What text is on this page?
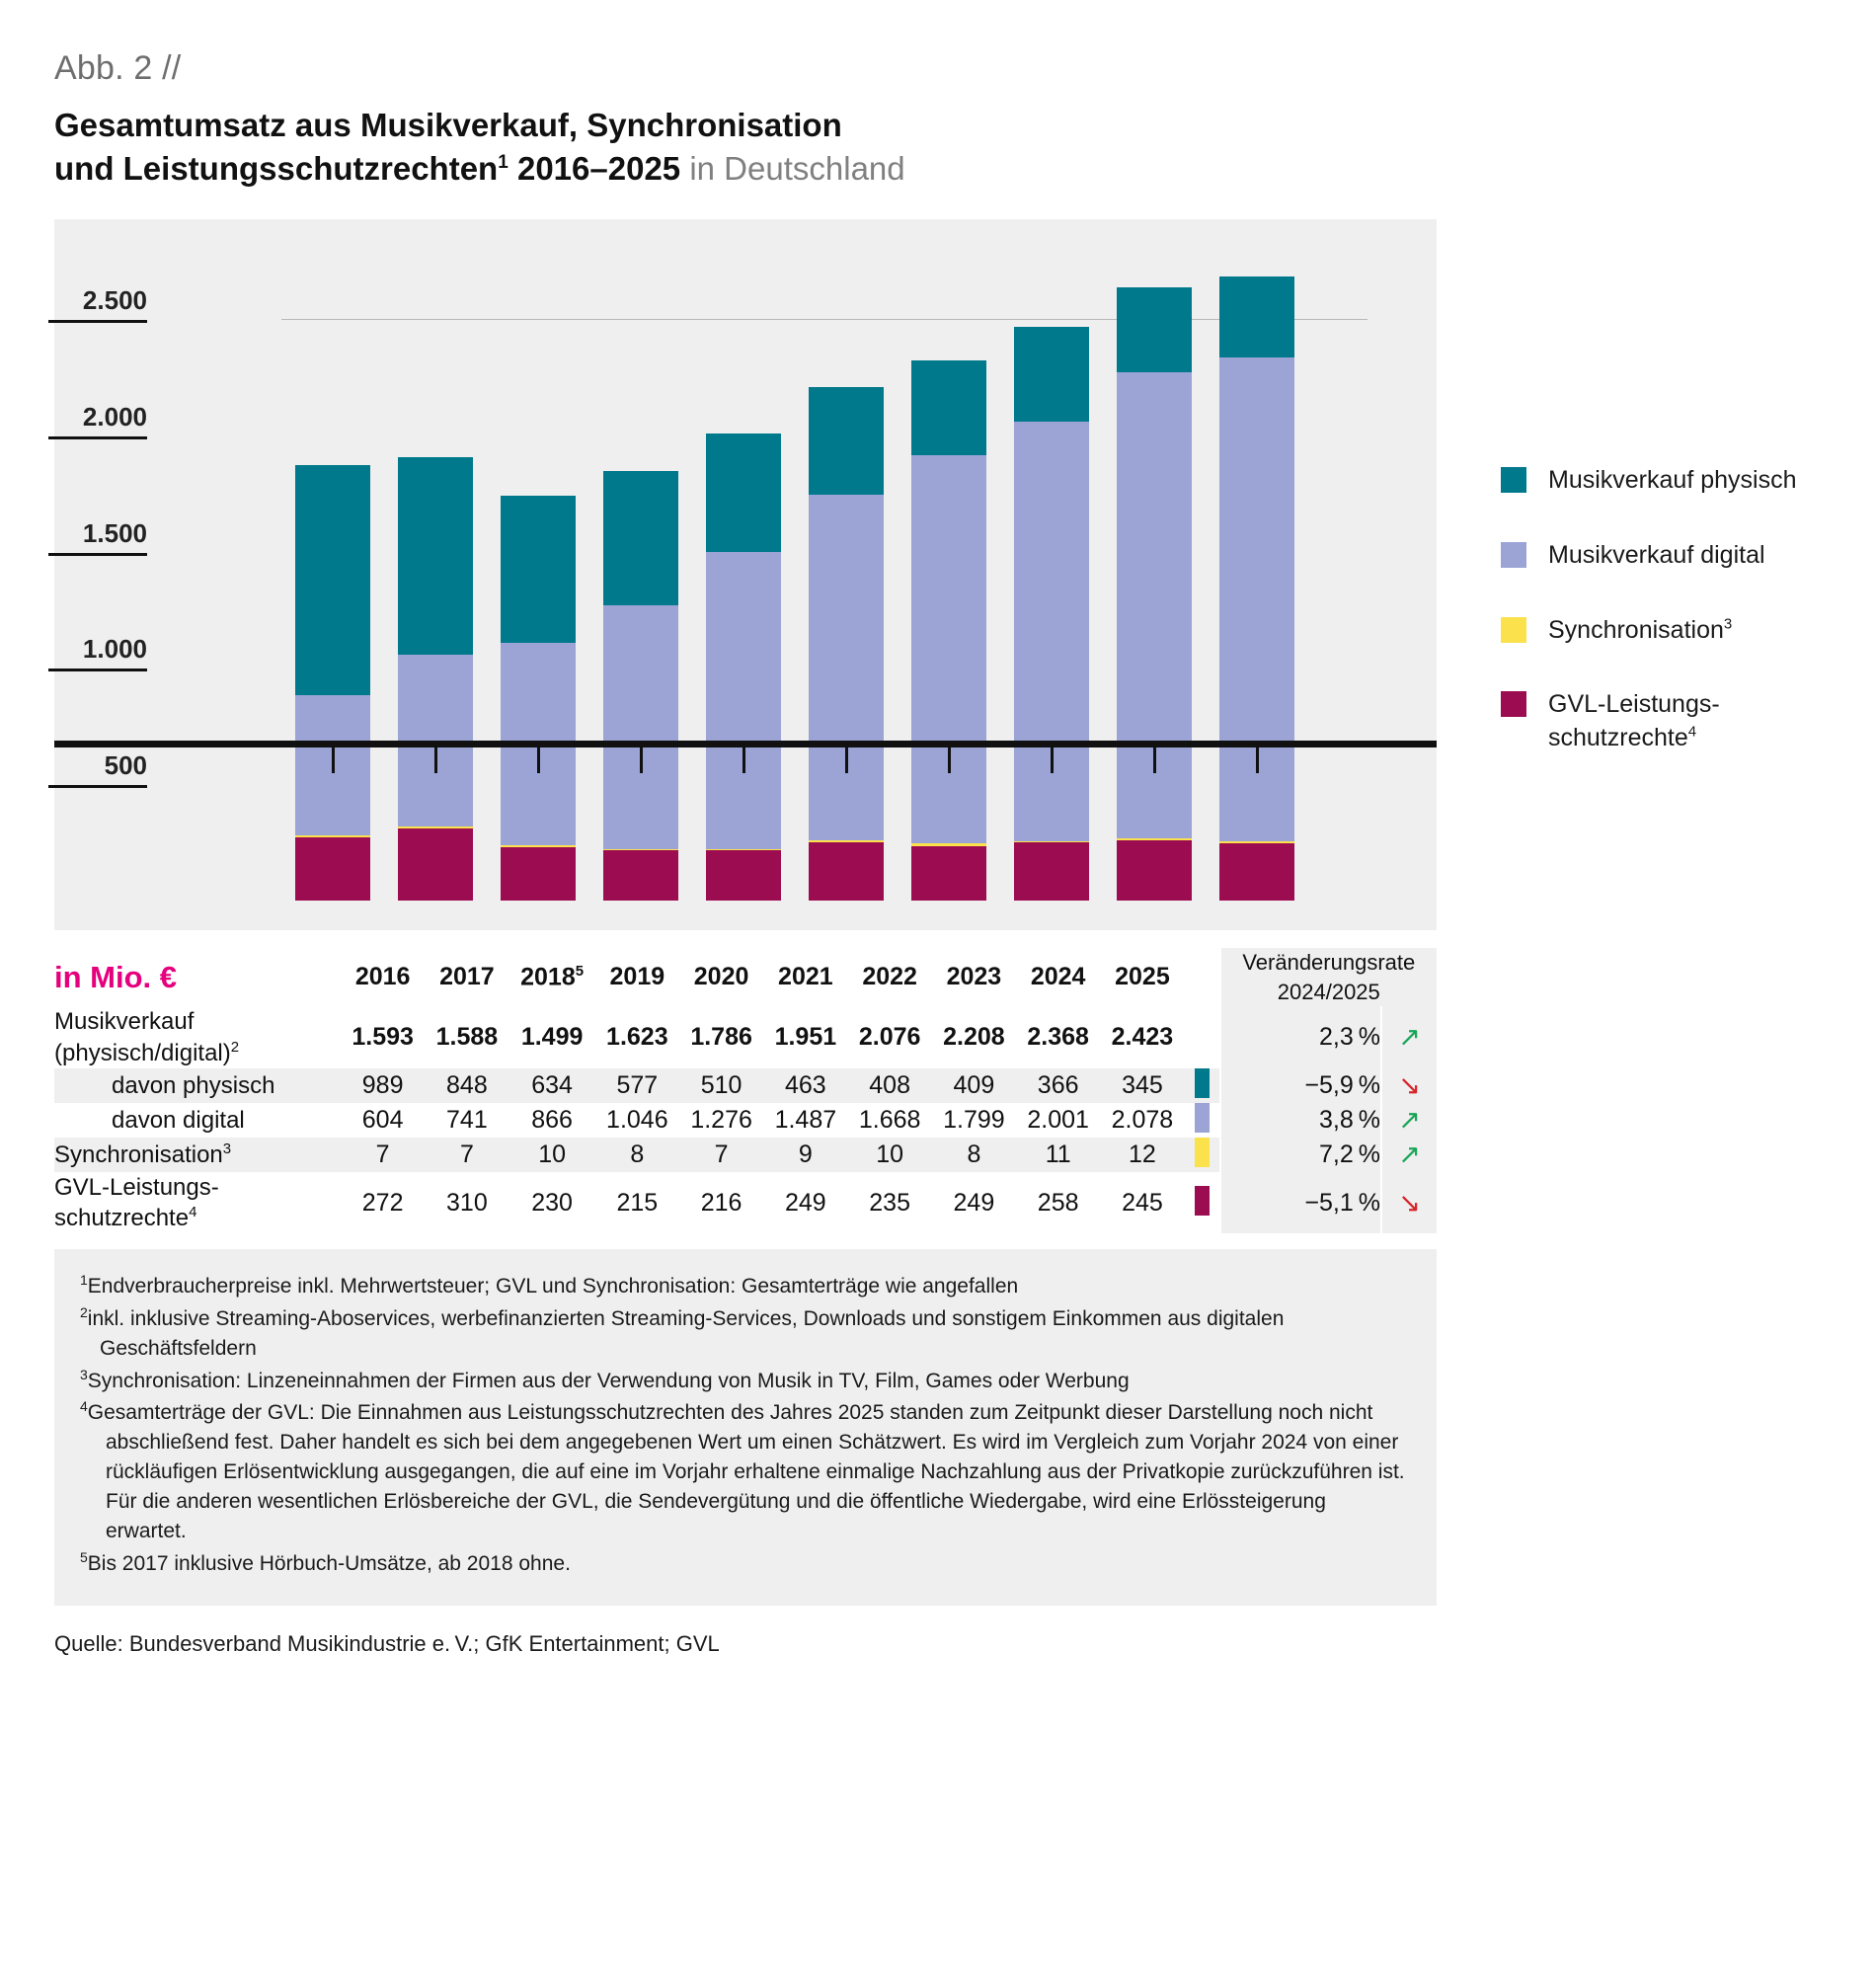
Abb. 2 //
Gesamtumsatz aus Musikverkauf, Synchronisation
und Leistungsschutzrechten$^1$ 2016–2025 in Deutschland
500
1.000
1.500
2.000
2.500
Musikverkauf physisch
Musikverkauf digital
Synchronisation$^3$
GVL-Leistungs-
schutzrechte$^4$
in Mio. €	2016	2017	2018$^5$	2019	2020	2021	2022	2023	2024	2025		Veränderungsrate
2024/2025	
Musikverkauf
(physisch/digital)$^2$	1.593	1.588	1.499	1.623	1.786	1.951	2.076	2.208	2.368	2.423		2,3 %	↗
davon physisch	989	848	634	577	510	463	408	409	366	345		−5,9 %	↘
davon digital	604	741	866	1.046	1.276	1.487	1.668	1.799	2.001	2.078		3,8 %	↗
Synchronisation$^3$	7	7	10	8	7	9	10	8	11	12		7,2 %	↗
GVL-Leistungs-
schutzrechte$^4$	272	310	230	215	216	249	235	249	258	245		−5,1 %	↘
$^1$Endverbraucherpreise inkl. Mehrwertsteuer; GVL und Synchronisation: Gesamterträge wie angefallen
$^2$inkl. inklusive Streaming-Aboservices, werbefinanzierten Streaming-Services, Downloads und sonstigem Einkommen aus digitalen Geschäftsfeldern
$^3$Synchronisation: Linzeneinnahmen der Firmen aus der Verwendung von Musik in TV, Film, Games oder Werbung
$^4$Gesamterträge der GVL: Die Einnahmen aus Leistungsschutzrechten des Jahres 2025 standen zum Zeitpunkt dieser Darstellung noch nicht
abschließend fest. Daher handelt es sich bei dem angegebenen Wert um einen Schätzwert. Es wird im Vergleich zum Vorjahr 2024 von einer
rückläufigen Erlösentwicklung ausgegangen, die auf eine im Vorjahr erhaltene einmalige Nachzahlung aus der Privatkopie zurückzuführen ist.
Für die anderen wesentlichen Erlösbereiche der GVL, die Sendevergütung und die öffentliche Wiedergabe, wird eine Erlössteigerung erwartet.
$^5$Bis 2017 inklusive Hörbuch-Umsätze, ab 2018 ohne.
Quelle: Bundesverband Musikindustrie e. V.; GfK Entertainment; GVL
